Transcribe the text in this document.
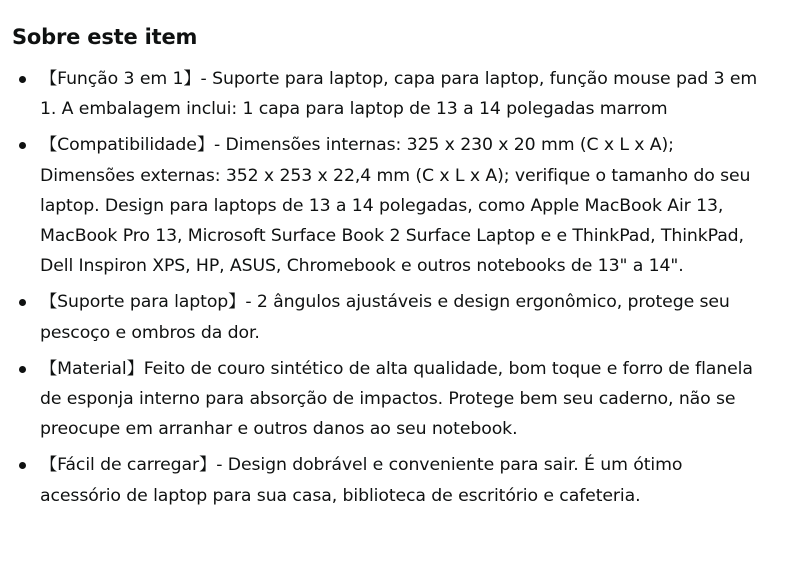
Sobre este item
【Função 3 em 1】- Suporte para laptop, capa para laptop, função mouse pad 3 em 1. A embalagem inclui: 1 capa para laptop de 13 a 14 polegadas marrom
【Compatibilidade】- Dimensões internas: 325 x 230 x 20 mm (C x L x A); Dimensões externas: 352 x 253 x 22,4 mm (C x L x A); verifique o tamanho do seu laptop. Design para laptops de 13 a 14 polegadas, como Apple MacBook Air 13, MacBook Pro 13, Microsoft Surface Book 2 Surface Laptop e e ThinkPad, ThinkPad, Dell Inspiron XPS, HP, ASUS, Chromebook e outros notebooks de 13" a 14".
【Suporte para laptop】- 2 ângulos ajustáveis e design ergonômico, protege seu pescoço e ombros da dor.
【Material】Feito de couro sintético de alta qualidade, bom toque e forro de flanela de esponja interno para absorção de impactos. Protege bem seu caderno, não se preocupe em arranhar e outros danos ao seu notebook.
【Fácil de carregar】- Design dobrável e conveniente para sair. É um ótimo acessório de laptop para sua casa, biblioteca de escritório e cafeteria.
